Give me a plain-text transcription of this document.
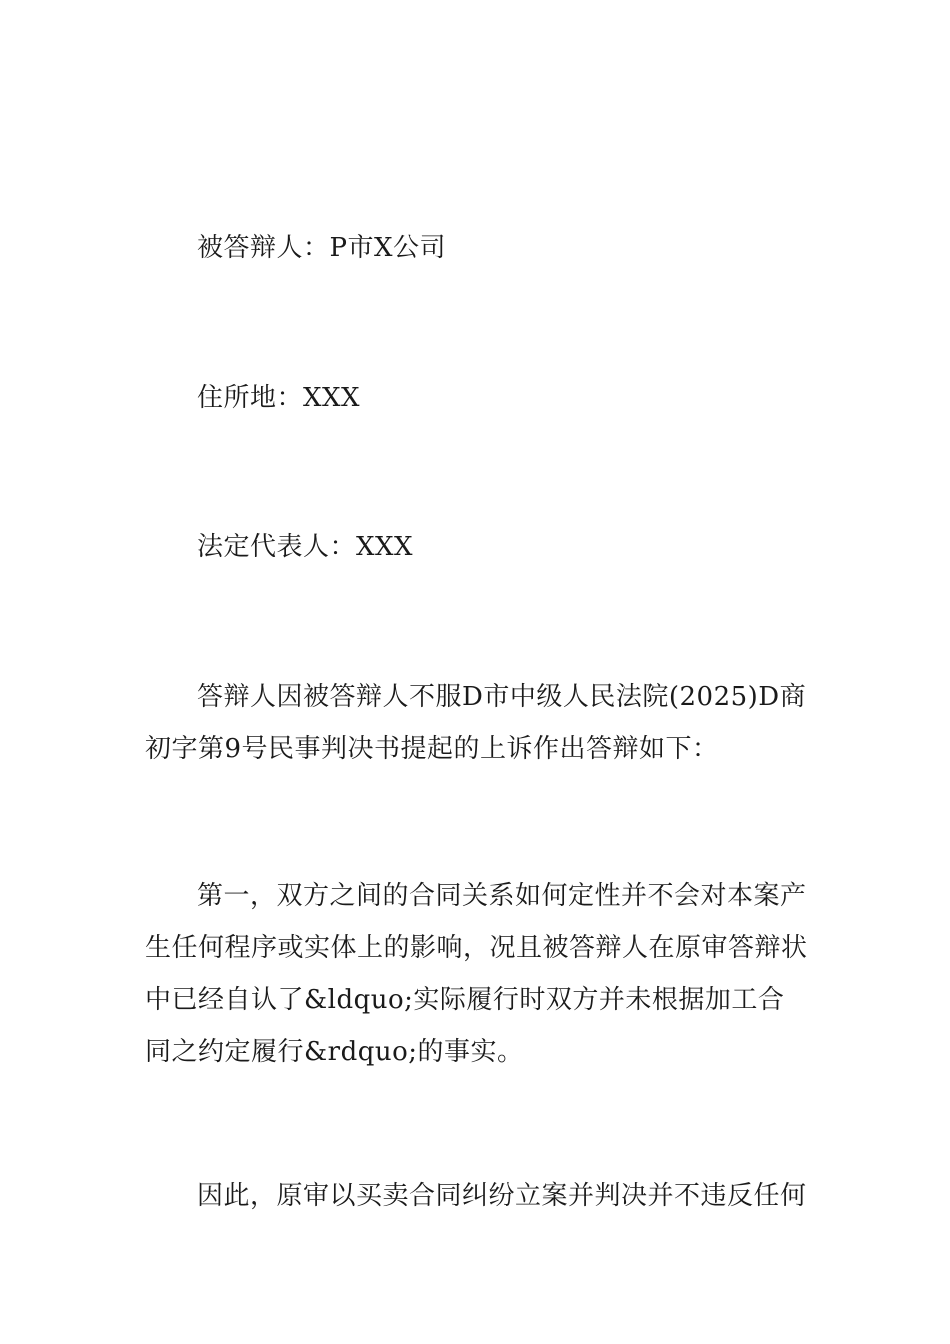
被答辩人：P市X公司

住所地：XXX

法定代表人：XXX

答辩人因被答辩人不服D市中级人民法院(2025)D商初字第9号民事判决书提起的上诉作出答辩如下：

第一，双方之间的合同关系如何定性并不会对本案产生任何程序或实体上的影响，况且被答辩人在原审答辩状中已经自认了&ldquo;实际履行时双方并未根据加工合同之约定履行&rdquo;的事实。

因此，原审以买卖合同纠纷立案并判决并不违反任何
